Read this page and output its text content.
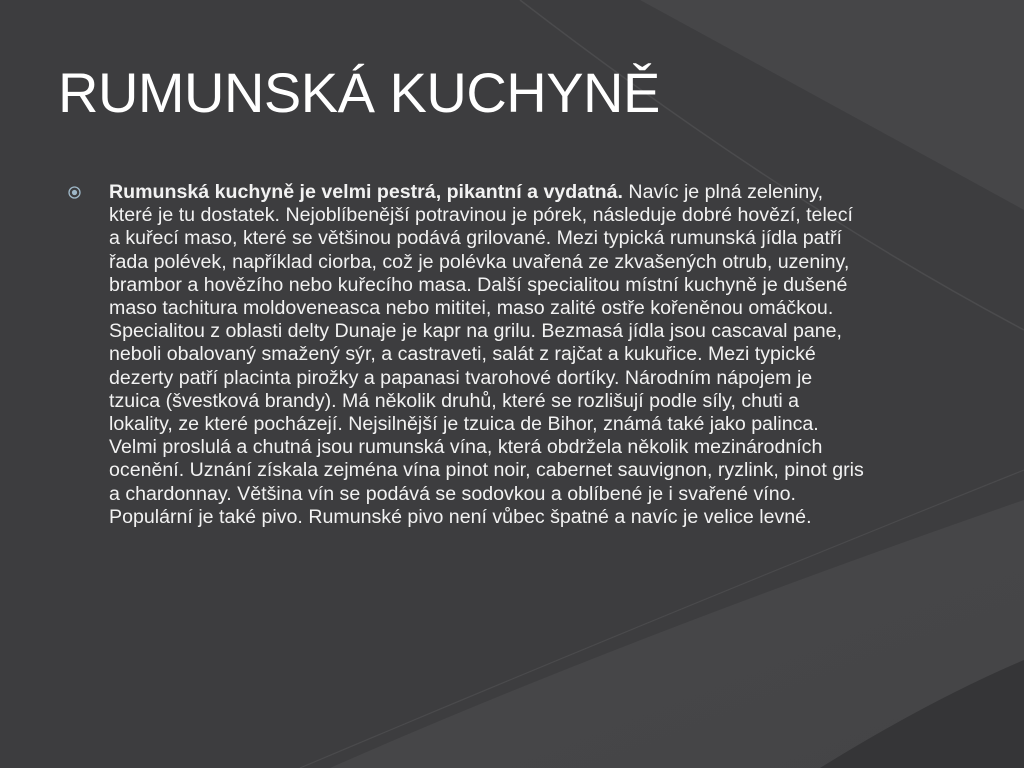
RUMUNSKÁ KUCHYNĚ

Rumunská kuchyně je velmi pestrá, pikantní a vydatná. Navíc je plná zeleniny, které je tu dostatek. Nejoblíbenější potravinou je pórek, následuje dobré hovězí, telecí a kuřecí maso, které se většinou podává grilované. Mezi typická rumunská jídla patří řada polévek, například ciorba, což je polévka uvařená ze zkvašených otrub, uzeniny, brambor a hovězího nebo kuřecího masa. Další specialitou místní kuchyně je dušené maso tachitura moldoveneasca nebo mititei, maso zalité ostře kořeněnou omáčkou. Specialitou z oblasti delty Dunaje je kapr na grilu. Bezmasá jídla jsou cascaval pane, neboli obalovaný smažený sýr, a castraveti, salát z rajčat a kukuřice. Mezi typické dezerty patří placinta pirožky a papanasi tvarohové dortíky. Národním nápojem je tzuica (švestková brandy). Má několik druhů, které se rozlišují podle síly, chuti a lokality, ze které pocházejí. Nejsilnější je tzuica de Bihor, známá také jako palinca. Velmi proslulá a chutná jsou rumunská vína, která obdržela několik mezinárodních ocenění. Uznání získala zejména vína pinot noir, cabernet sauvignon, ryzlink, pinot gris a chardonnay. Většina vín se podává se sodovkou a oblíbené je i svařené víno. Populární je také pivo. Rumunské pivo není vůbec špatné a navíc je velice levné.
